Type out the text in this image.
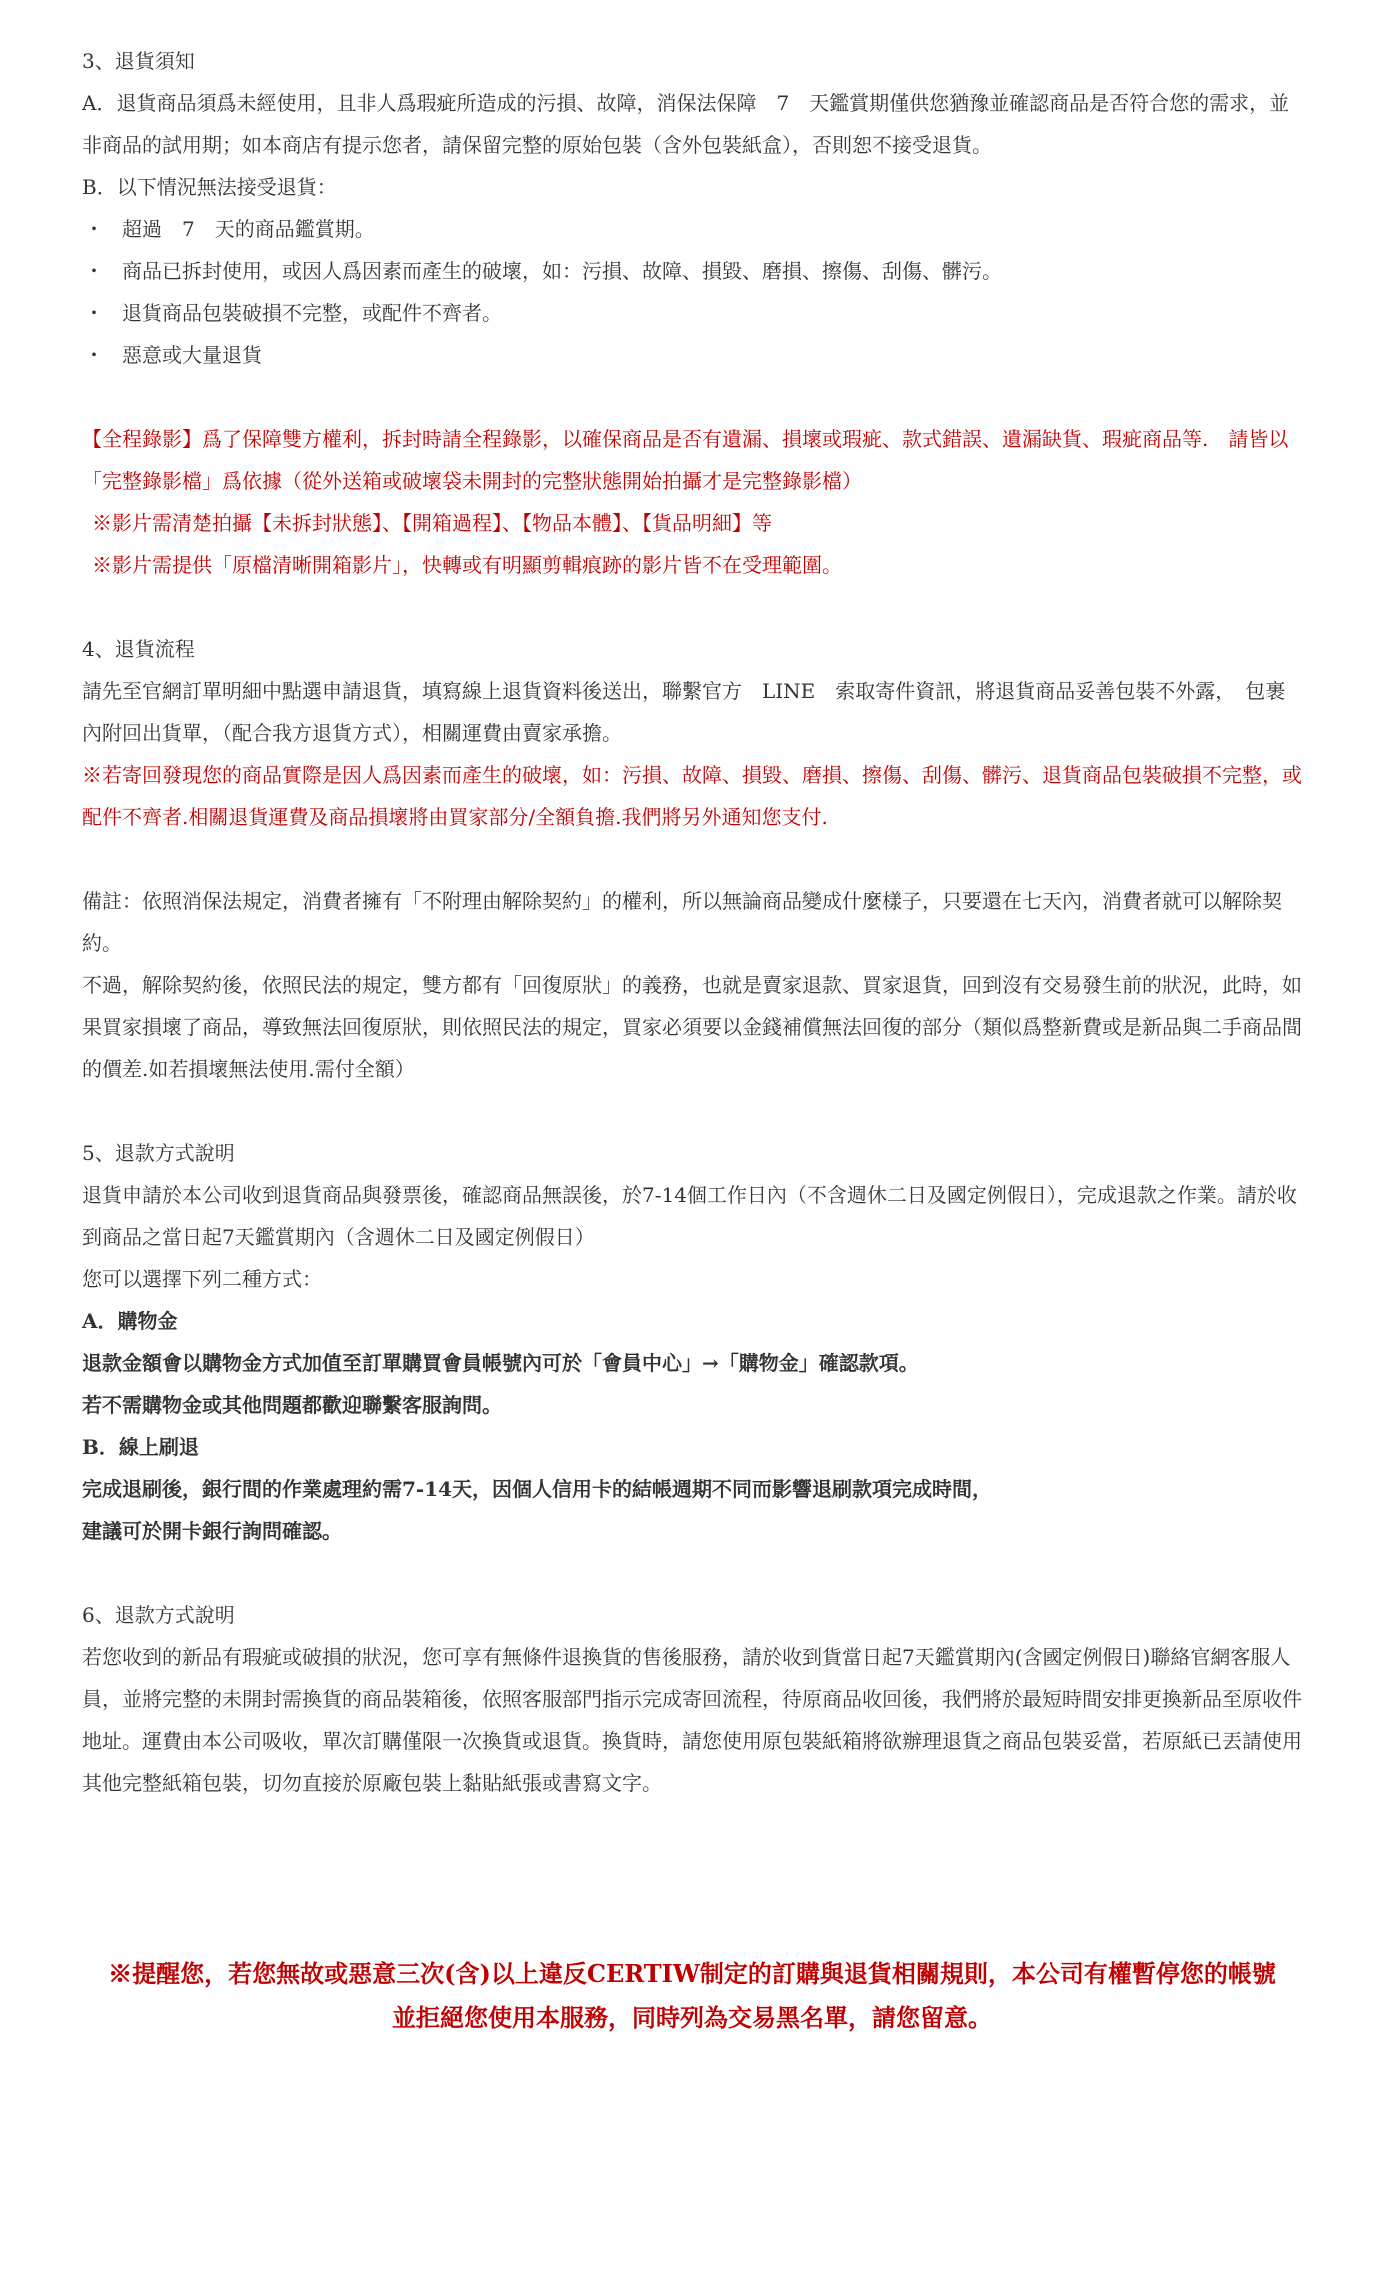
3、退貨須知

A．退貨商品須爲未經使用，且非人爲瑕疵所造成的污損、故障，消保法保障　7　天鑑賞期僅供您猶豫並確認商品是否符合您的需求，並非商品的試用期；如本商店有提示您者，請保留完整的原始包裝（含外包裝紙盒），否則恕不接受退貨。

B．以下情況無法接受退貨：

・ 超過　7　天的商品鑑賞期。
・ 商品已拆封使用，或因人爲因素而產生的破壞，如：污損、故障、損毀、磨損、擦傷、刮傷、髒污。
・ 退貨商品包裝破損不完整，或配件不齊者。
・ 惡意或大量退貨

【全程錄影】爲了保障雙方權利，拆封時請全程錄影，以確保商品是否有遺漏、損壞或瑕疵、款式錯誤、遺漏缺貨、瑕疵商品等.　請皆以「完整錄影檔」爲依據（從外送箱或破壞袋未開封的完整狀態開始拍攝才是完整錄影檔）

※影片需清楚拍攝【未拆封狀態】、【開箱過程】、【物品本體】、【貨品明細】等

※影片需提供「原檔清晰開箱影片」，快轉或有明顯剪輯痕跡的影片皆不在受理範圍。

4、退貨流程

請先至官網訂單明細中點選申請退貨，填寫線上退貨資料後送出，聯繫官方　LINE　索取寄件資訊，將退貨商品妥善包裝不外露，　包裹內附回出貨單，（配合我方退貨方式），相關運費由賣家承擔。

※若寄回發現您的商品實際是因人爲因素而產生的破壞，如：污損、故障、損毀、磨損、擦傷、刮傷、髒污、退貨商品包裝破損不完整，或配件不齊者.相關退貨運費及商品損壞將由買家部分/全額負擔.我們將另外通知您支付.

備註：依照消保法規定，消費者擁有「不附理由解除契約」的權利，所以無論商品變成什麼樣子，只要還在七天內，消費者就可以解除契約。

不過，解除契約後，依照民法的規定，雙方都有「回復原狀」的義務，也就是賣家退款、買家退貨，回到沒有交易發生前的狀況，此時，如果買家損壞了商品，導致無法回復原狀，則依照民法的規定，買家必須要以金錢補償無法回復的部分（類似爲整新費或是新品與二手商品間的價差.如若損壞無法使用.需付全額）

5、退款方式說明

退貨申請於本公司收到退貨商品與發票後，確認商品無誤後，於7-14個工作日內（不含週休二日及國定例假日），完成退款之作業。請於收到商品之當日起7天鑑賞期內（含週休二日及國定例假日）

您可以選擇下列二種方式：

A．購物金

退款金額會以購物金方式加值至訂單購買會員帳號內可於「會員中心」→「購物金」確認款項。

若不需購物金或其他問題都歡迎聯繫客服詢問。

B．線上刷退

完成退刷後，銀行間的作業處理約需7-14天，因個人信用卡的結帳週期不同而影響退刷款項完成時間，

建議可於開卡銀行詢問確認。

6、退款方式說明

若您收到的新品有瑕疵或破損的狀況，您可享有無條件退換貨的售後服務，請於收到貨當日起7天鑑賞期內(含國定例假日)聯絡官網客服人員，並將完整的未開封需換貨的商品裝箱後，依照客服部門指示完成寄回流程，待原商品收回後，我們將於最短時間安排更換新品至原收件地址。運費由本公司吸收，單次訂購僅限一次換貨或退貨。換貨時，請您使用原包裝紙箱將欲辦理退貨之商品包裝妥當，若原紙已丟請使用其他完整紙箱包裝，切勿直接於原廠包裝上黏貼紙張或書寫文字。

※提醒您，若您無故或惡意三次(含)以上違反CERTIW制定的訂購與退貨相關規則，本公司有權暫停您的帳號

並拒絕您使用本服務，同時列為交易黑名單，請您留意。
